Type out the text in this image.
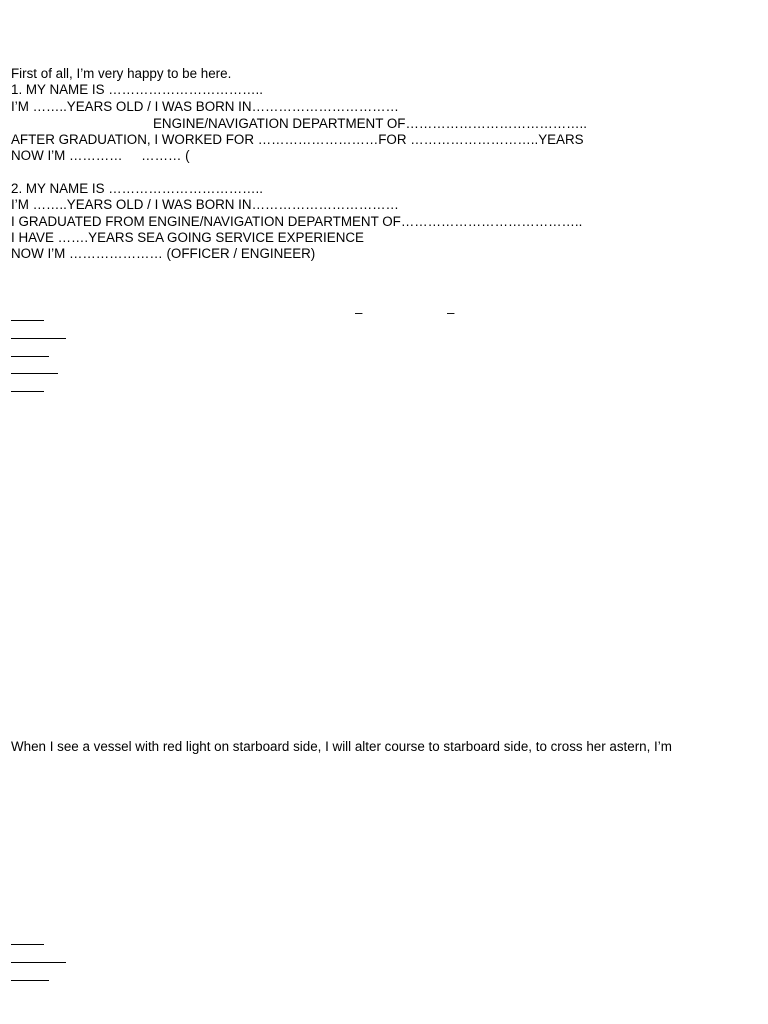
First of all, I’m very happy to be here.
1. MY NAME IS ……………………………..
I’M ……..YEARS OLD / I WAS BORN IN……………………………
ENGINE/NAVIGATION DEPARTMENT OF…………………………………..
AFTER GRADUATION, I WORKED FOR ………………………FOR ………………………..YEARS
NOW I’M …………     ……… (
2. MY NAME IS ……………………………..
I’M ……..YEARS OLD / I WAS BORN IN……………………………
I GRADUATED FROM ENGINE/NAVIGATION DEPARTMENT OF…………………………………..
I HAVE …….YEARS SEA GOING SERVICE EXPERIENCE
NOW I’M ………………… (OFFICER / ENGINEER)
–	–
When I see a vessel with red light on starboard side, I will alter course to starboard side, to cross her astern, I’m
